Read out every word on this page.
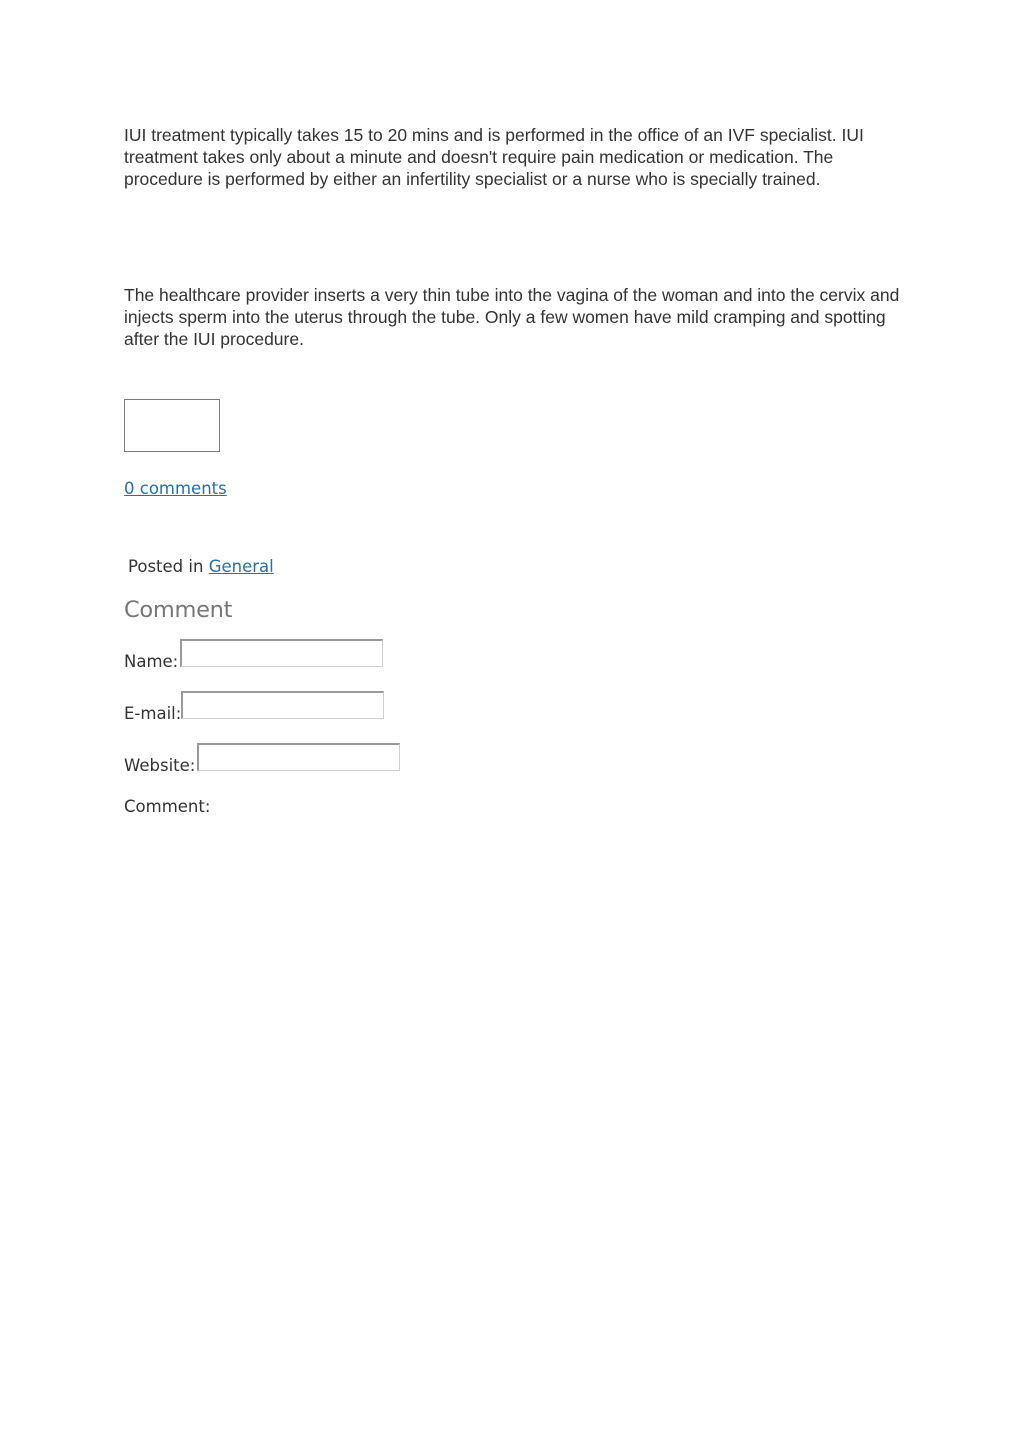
IUI treatment typically takes 15 to 20 mins and is performed in the office of an IVF specialist. IUI treatment takes only about a minute and doesn't require pain medication or medication. The procedure is performed by either an infertility specialist or a nurse who is specially trained.

The healthcare provider inserts a very thin tube into the vagina of the woman and into the cervix and injects sperm into the uterus through the tube. Only a few women have mild cramping and spotting after the IUI procedure.

0 comments
Posted in General
Comment
Name:
E-mail:
Website:
Comment:
